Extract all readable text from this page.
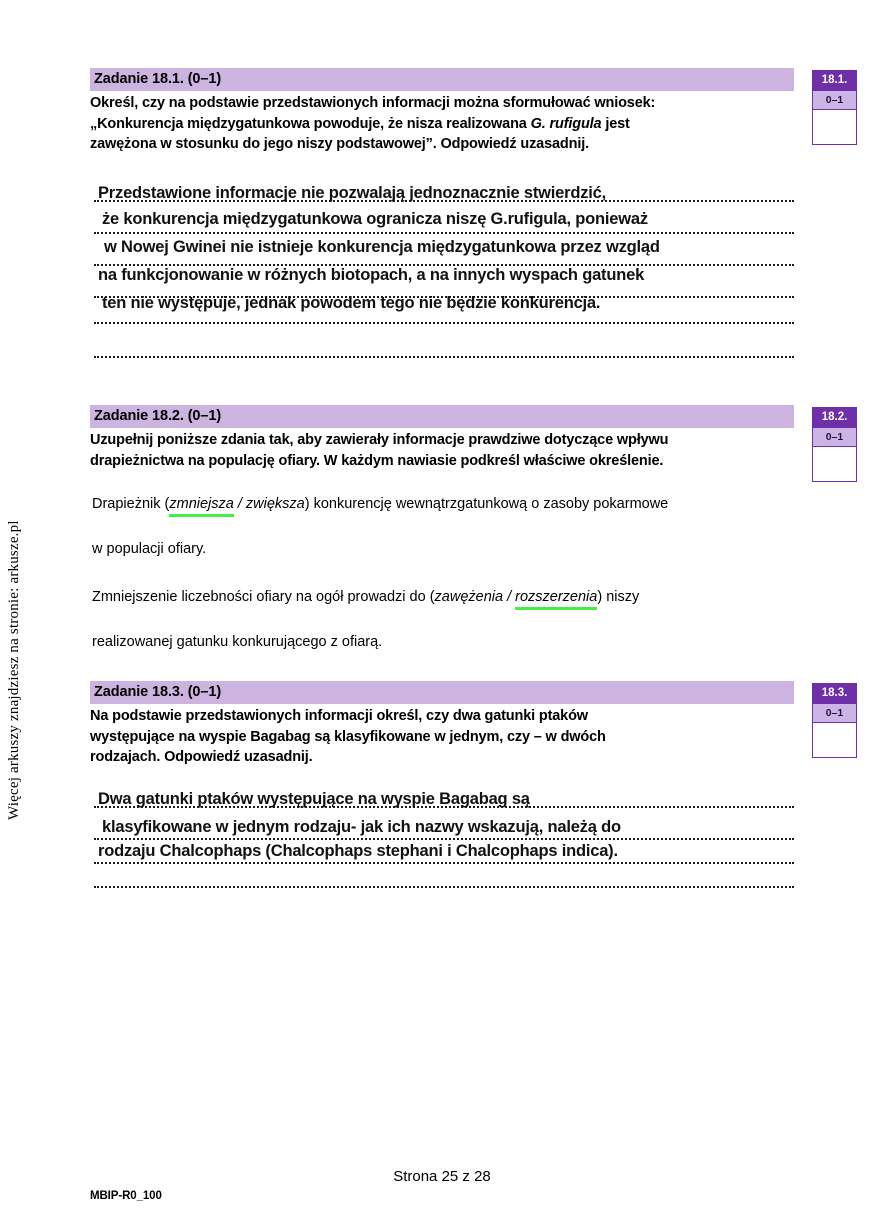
Więcej arkuszy znajdziesz na stronie: arkusze.pl
Zadanie 18.1. (0–1)
Określ, czy na podstawie przedstawionych informacji można sformułować wniosek:
„Konkurencja międzygatunkowa powoduje, że nisza realizowana G. rufigula jest
zawężona w stosunku do jego niszy podstawowej”. Odpowiedź uzasadnij.
Przedstawione informacje nie pozwalają jednoznacznie stwierdzić,
że konkurencja międzygatunkowa ogranicza niszę G.rufigula, ponieważ
w Nowej Gwinei nie istnieje konkurencja międzygatunkowa przez wzgląd
na funkcjonowanie w różnych biotopach, a na innych wyspach gatunek
ten nie występuje, jednak powodem tego nie będzie konkurencja.
18.1.
0–1
Zadanie 18.2. (0–1)
Uzupełnij poniższe zdania tak, aby zawierały informacje prawdziwe dotyczące wpływu
drapieżnictwa na populację ofiary. W każdym nawiasie podkreśl właściwe określenie.
Drapieżnik (zmniejsza / zwiększa) konkurencję wewnątrzgatunkową o zasoby pokarmowe
w populacji ofiary.
Zmniejszenie liczebności ofiary na ogół prowadzi do (zawężenia / rozszerzenia) niszy
realizowanej gatunku konkurującego z ofiarą.
18.2.
0–1
Zadanie 18.3. (0–1)
Na podstawie przedstawionych informacji określ, czy dwa gatunki ptaków
występujące na wyspie Bagabag są klasyfikowane w jednym, czy – w dwóch
rodzajach. Odpowiedź uzasadnij.
Dwa gatunki ptaków występujące na wyspie Bagabag są
klasyfikowane w jednym rodzaju- jak ich nazwy wskazują, należą do
rodzaju Chalcophaps (Chalcophaps stephani i Chalcophaps indica).
18.3.
0–1
Strona 25 z 28
MBIP-R0_100
